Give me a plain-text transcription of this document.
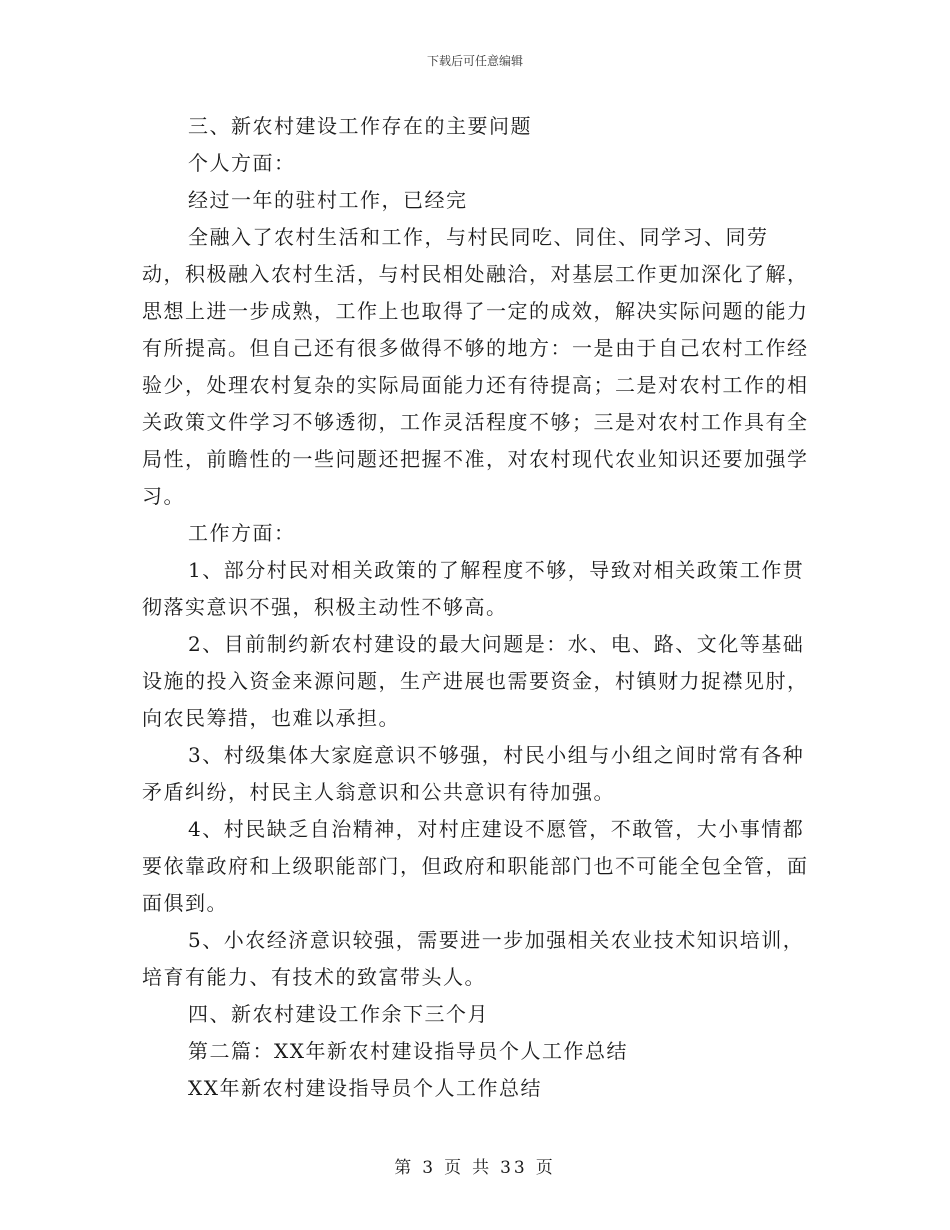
下载后可任意编辑

三、新农村建设工作存在的主要问题

个人方面：

经过一年的驻村工作，已经完

全融入了农村生活和工作，与村民同吃、同住、同学习、同劳动，积极融入农村生活，与村民相处融洽，对基层工作更加深化了解，思想上进一步成熟，工作上也取得了一定的成效，解决实际问题的能力有所提高。但自己还有很多做得不够的地方：一是由于自己农村工作经验少，处理农村复杂的实际局面能力还有待提高；二是对农村工作的相关政策文件学习不够透彻，工作灵活程度不够；三是对农村工作具有全局性，前瞻性的一些问题还把握不准，对农村现代农业知识还要加强学习。

工作方面：

1、部分村民对相关政策的了解程度不够，导致对相关政策工作贯彻落实意识不强，积极主动性不够高。

2、目前制约新农村建设的最大问题是：水、电、路、文化等基础设施的投入资金来源问题，生产进展也需要资金，村镇财力捉襟见肘，向农民筹措，也难以承担。

3、村级集体大家庭意识不够强，村民小组与小组之间时常有各种矛盾纠纷，村民主人翁意识和公共意识有待加强。

4、村民缺乏自治精神，对村庄建设不愿管，不敢管，大小事情都要依靠政府和上级职能部门，但政府和职能部门也不可能全包全管，面面俱到。

5、小农经济意识较强，需要进一步加强相关农业技术知识培训，培育有能力、有技术的致富带头人。

四、新农村建设工作余下三个月

第二篇：XX年新农村建设指导员个人工作总结

XX年新农村建设指导员个人工作总结

第 3 页 共 33 页
